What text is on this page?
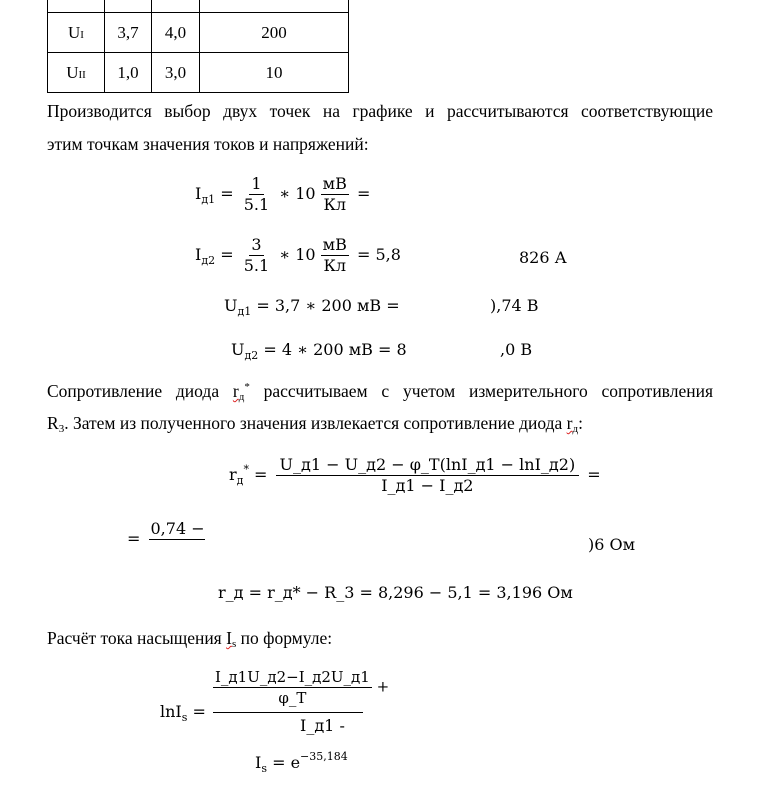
UI	3,7	4,0	200
UII	1,0	3,0	10
Производится выбор двух точек на графике и рассчитываются соответствующие
этим точкам значения токов и напряжений:
$I_{д1} = \frac{1}{5.1}$ ∗ $10 \frac{мВ}{Кл}$ =
$I_{д2} = \frac{3}{5.1}$ ∗ $10 \frac{мВ}{Кл} = 5,8$	826 А
$U_{д1} = 3,7$ ∗ 200 мВ =	),74 В
$U_{д2} = 4$ ∗ 200 мВ = 8	,0 В
Сопротивление диода rд* рассчитываем с учетом измерительного сопротивления
R3. Затем из полученного значения извлекается сопротивление диода rд:
$r_д^* = \frac{U\_д1 - U\_д2 - \varphi\_T(\ln I\_д1 - \ln I\_д2)}{I\_д1 - I\_д2}$ =
=
0,74 −

)6 Ом
r_д = r_д* − R_3 = 8,296 − 5,1 = 3,196 Ом
Расчёт тока насыщения Is по формуле:
lnI$_s$ =
$\frac{I\_д1U\_д2-I\_д2U\_д1}{\varphi\_T}$ +
I_д1 -
$I_s = e^{-35,184}$
